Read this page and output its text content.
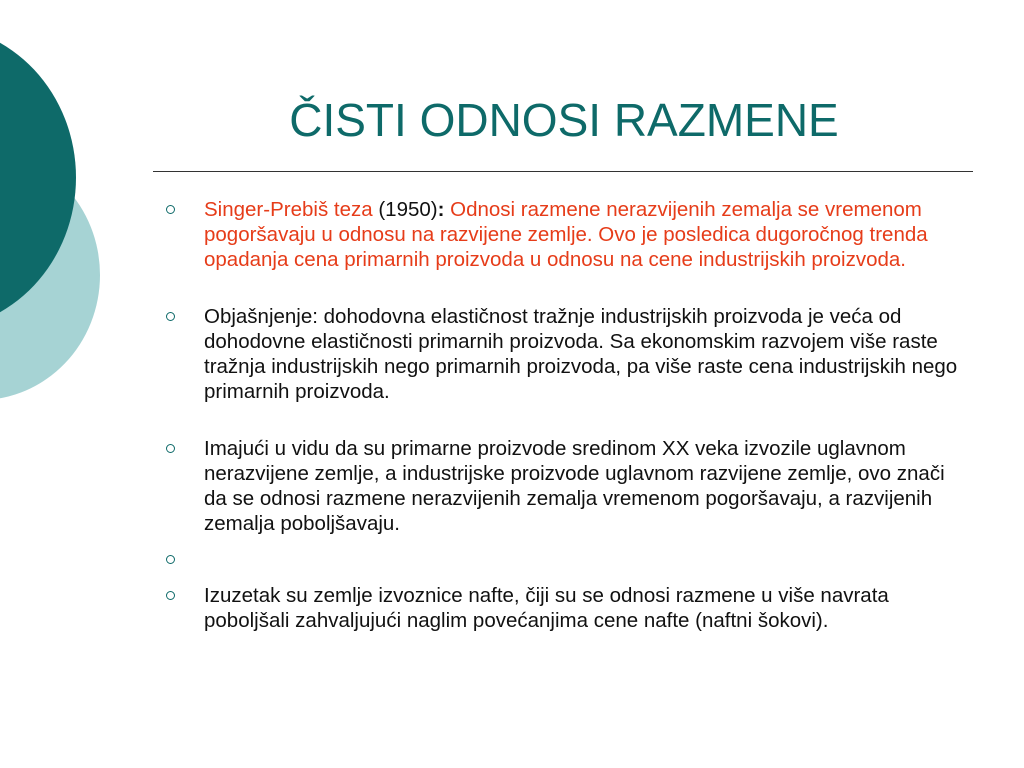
ČISTI ODNOSI RAZMENE
Singer-Prebiš teza (1950): Odnosi razmene nerazvijenih zemalja se vremenom pogoršavaju u odnosu na razvijene zemlje. Ovo je posledica dugoročnog trenda opadanja cena primarnih proizvoda u odnosu na cene industrijskih proizvoda.
Objašnjenje: dohodovna elastičnost tražnje industrijskih proizvoda je veća od dohodovne elastičnosti primarnih proizvoda. Sa ekonomskim razvojem više raste tražnja industrijskih nego primarnih proizvoda, pa više raste cena industrijskih nego primarnih proizvoda.
Imajući u vidu da su primarne proizvode sredinom XX veka izvozile uglavnom nerazvijene zemlje, a industrijske proizvode uglavnom razvijene zemlje, ovo znači da se odnosi razmene nerazvijenih zemalja vremenom pogoršavaju, a razvijenih zemalja poboljšavaju.
Izuzetak su zemlje izvoznice nafte, čiji su se odnosi razmene u više navrata poboljšali zahvaljujući naglim povećanjima cene nafte (naftni šokovi).
